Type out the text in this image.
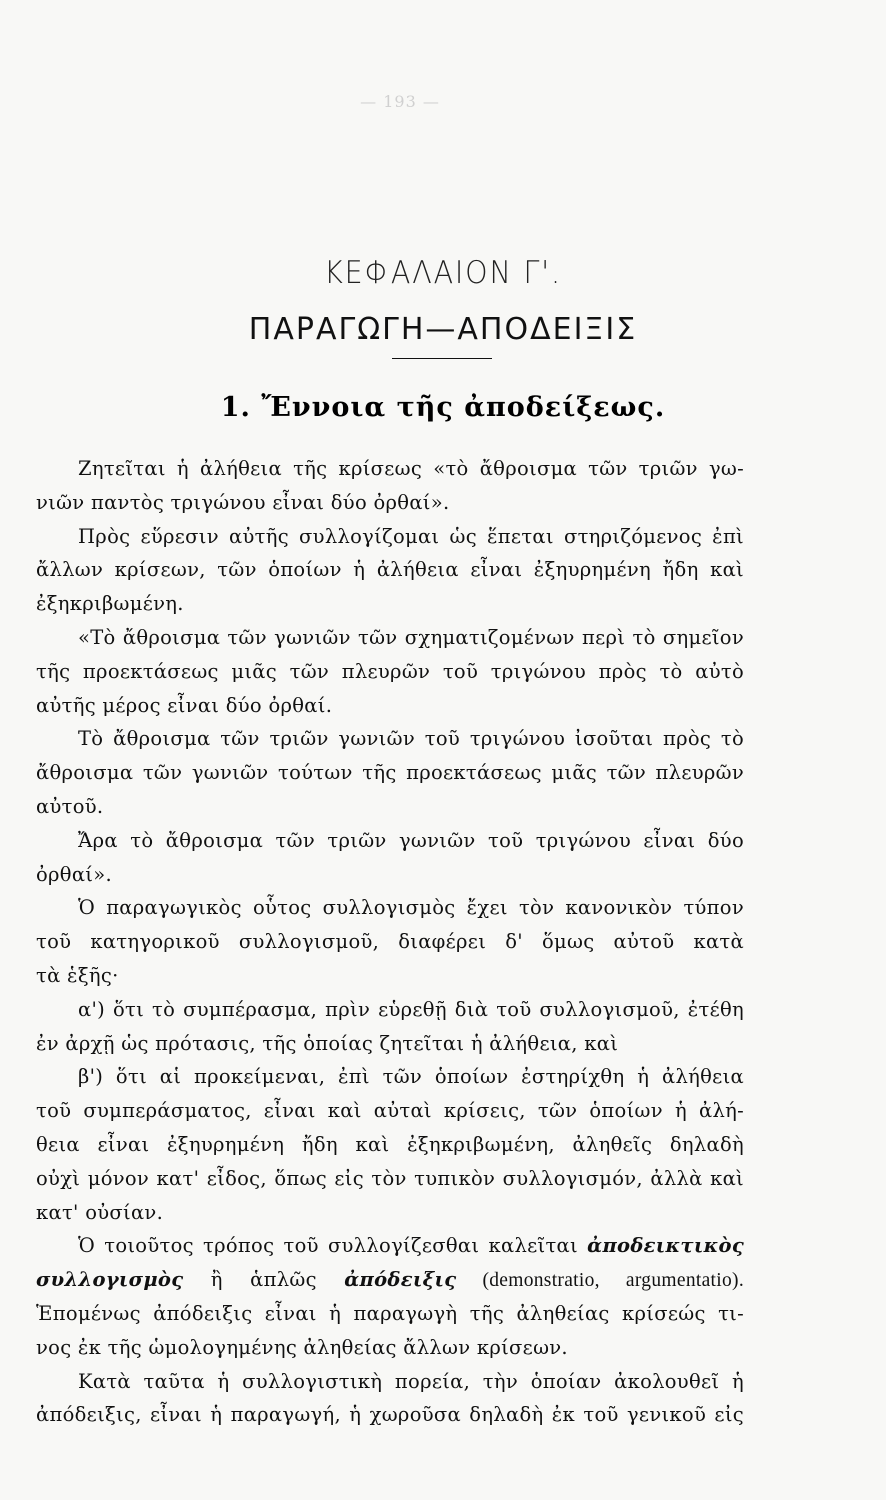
— 193 —
ΚΕΦΑΛΑΙΟΝ Γ'.
ΠΑΡΑΓΩΓΗ—ΑΠΟΔΕΙΞΙΣ
1. Ἔννοια τῆς ἀποδείξεως.
Ζητεῖται ἡ ἀλήθεια τῆς κρίσεως «τὸ ἄθροισμα τῶν τριῶν γω-
νιῶν παντὸς τριγώνου εἶναι δύο ὀρθαί».
Πρὸς εὕρεσιν αὐτῆς συλλογίζομαι ὡς ἕπεται στηριζόμενος ἐπὶ
ἄλλων κρίσεων, τῶν ὁποίων ἡ ἀλήθεια εἶναι ἐξηυρημένη ἤδη καὶ
ἐξηκριβωμένη.
«Τὸ ἄθροισμα τῶν γωνιῶν τῶν σχηματιζομένων περὶ τὸ σημεῖον
τῆς προεκτάσεως μιᾶς τῶν πλευρῶν τοῦ τριγώνου πρὸς τὸ αὐτὸ
αὐτῆς μέρος εἶναι δύο ὀρθαί.
Τὸ ἄθροισμα τῶν τριῶν γωνιῶν τοῦ τριγώνου ἰσοῦται πρὸς τὸ
ἄθροισμα τῶν γωνιῶν τούτων τῆς προεκτάσεως μιᾶς τῶν πλευρῶν
αὐτοῦ.
Ἄρα τὸ ἄθροισμα τῶν τριῶν γωνιῶν τοῦ τριγώνου εἶναι δύο
ὀρθαί».
Ὁ παραγωγικὸς οὗτος συλλογισμὸς ἔχει τὸν κανονικὸν τύπον
τοῦ κατηγορικοῦ συλλογισμοῦ, διαφέρει δ' ὅμως αὐτοῦ κατὰ
τὰ ἑξῆς·
α') ὅτι τὸ συμπέρασμα, πρὶν εὑρεθῇ διὰ τοῦ συλλογισμοῦ, ἐτέθη
ἐν ἀρχῇ ὡς πρότασις, τῆς ὁποίας ζητεῖται ἡ ἀλήθεια, καὶ
β') ὅτι αἱ προκείμεναι, ἐπὶ τῶν ὁποίων ἐστηρίχθη ἡ ἀλήθεια
τοῦ συμπεράσματος, εἶναι καὶ αὐταὶ κρίσεις, τῶν ὁποίων ἡ ἀλή-
θεια εἶναι ἐξηυρημένη ἤδη καὶ ἐξηκριβωμένη, ἀληθεῖς δηλαδὴ
οὐχὶ μόνον κατ' εἶδος, ὅπως εἰς τὸν τυπικὸν συλλογισμόν, ἀλλὰ καὶ
κατ' οὐσίαν.
Ὁ τοιοῦτος τρόπος τοῦ συλλογίζεσθαι καλεῖται ἀποδεικτικὸς
συλλογισμὸς ἢ ἁπλῶς ἀπόδειξις (demonstratio, argumentatio).
Ἑπομένως ἀπόδειξις εἶναι ἡ παραγωγὴ τῆς ἀληθείας κρίσεώς τι-
νος ἐκ τῆς ὡμολογημένης ἀληθείας ἄλλων κρίσεων.
Κατὰ ταῦτα ἡ συλλογιστικὴ πορεία, τὴν ὁποίαν ἀκολουθεῖ ἡ
ἀπόδειξις, εἶναι ἡ παραγωγή, ἡ χωροῦσα δηλαδὴ ἐκ τοῦ γενικοῦ εἰς
